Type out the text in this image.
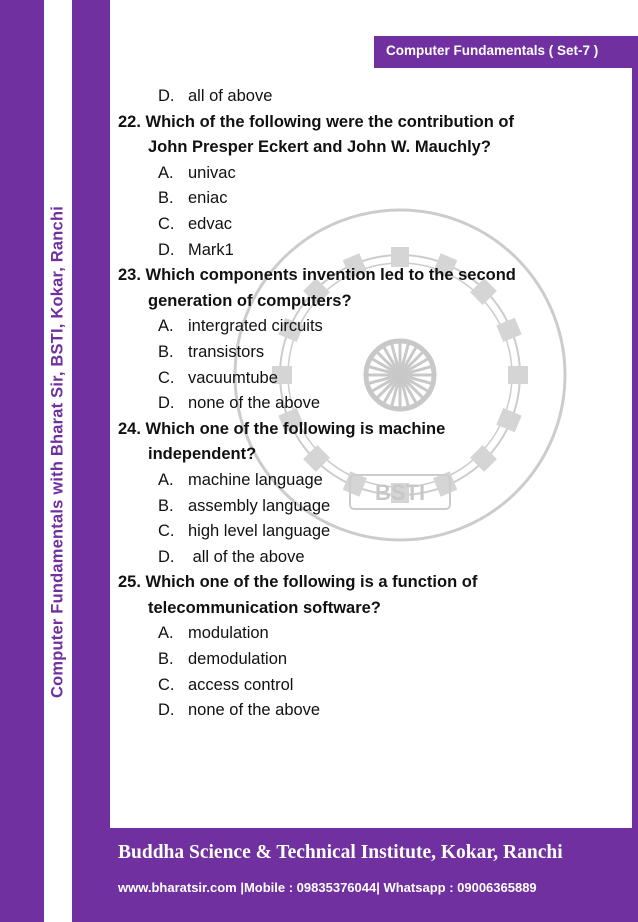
Computer Fundamentals with Bharat Sir, BSTI, Kokar, Ranchi
Computer Fundamentals ( Set-7 )
BSTI
D. all of above
22. Which of the following were the contribution of
John Presper Eckert and John W. Mauchly?
A. univac
B. eniac
C. edvac
D. Mark1
23. Which components invention led to the second
generation of computers?
A. intergrated circuits
B. transistors
C. vacuumtube
D. none of the above
24. Which one of the following is machine
independent?
A. machine language
B. assembly language
C. high level language
D. all of the above
25. Which one of the following is a function of
telecommunication software?
A. modulation
B. demodulation
C. access control
D. none of the above
Buddha Science & Technical Institute, Kokar, Ranchi
www.bharatsir.com |Mobile : 09835376044| Whatsapp : 09006365889
